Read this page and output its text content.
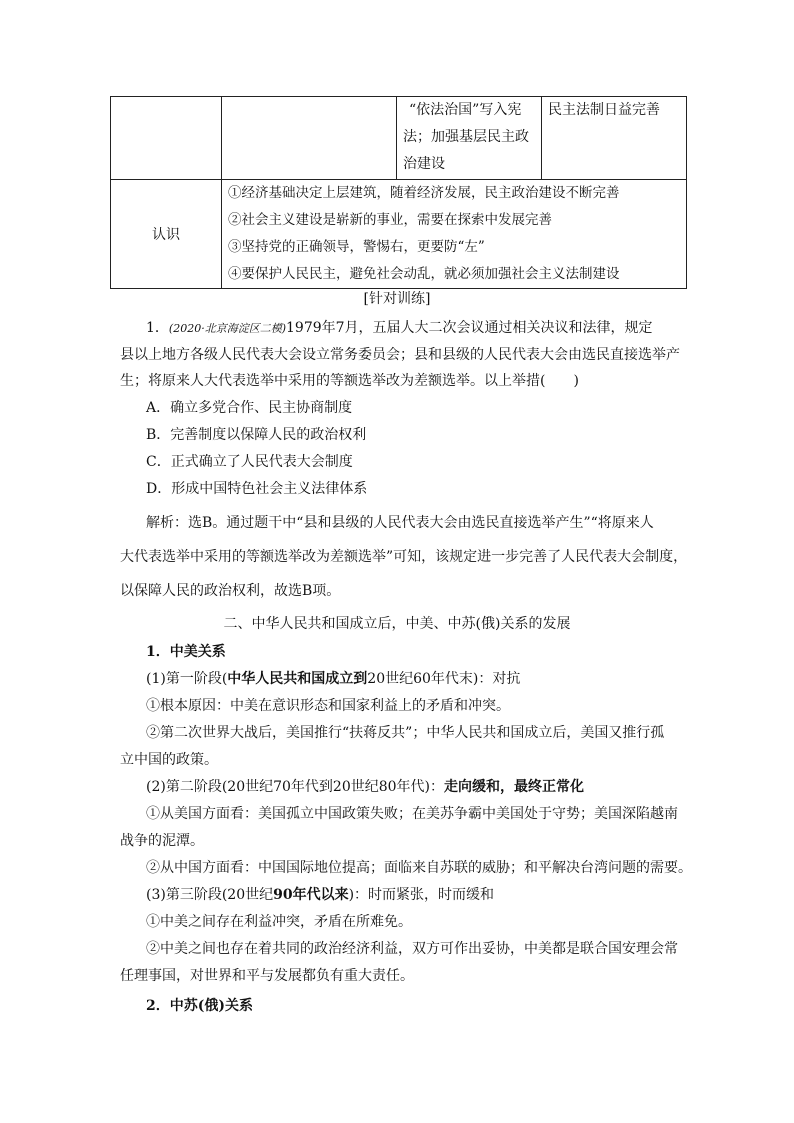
		“依法治国”写入宪
法；加强基层民主政
治建设	民主法制日益完善

认识	①经济基础决定上层建筑，随着经济发展，民主政治建设不断完善
②社会主义建设是崭新的事业，需要在探索中发展完善
③坚持党的正确领导，警惕右，更要防“左”
④要保护人民民主，避免社会动乱，就必须加强社会主义法制建设		
[针对训练]
1．(2020·北京海淀区二模)1979年7月，五届人大二次会议通过相关决议和法律，规定
县以上地方各级人民代表大会设立常务委员会；县和县级的人民代表大会由选民直接选举产
生；将原来人大代表选举中采用的等额选举改为差额选举。以上举措(　　)
A．确立多党合作、民主协商制度
B．完善制度以保障人民的政治权利
C．正式确立了人民代表大会制度
D．形成中国特色社会主义法律体系
解析：选B。通过题干中“县和县级的人民代表大会由选民直接选举产生”“将原来人
大代表选举中采用的等额选举改为差额选举”可知，该规定进一步完善了人民代表大会制度，
以保障人民的政治权利，故选B项。
二、中华人民共和国成立后，中美、中苏(俄)关系的发展
1．中美关系
(1)第一阶段(中华人民共和国成立到20世纪60年代末)：对抗
①根本原因：中美在意识形态和国家利益上的矛盾和冲突。
②第二次世界大战后，美国推行“扶蒋反共”；中华人民共和国成立后，美国又推行孤
立中国的政策。
(2)第二阶段(20世纪70年代到20世纪80年代)：走向缓和，最终正常化
①从美国方面看：美国孤立中国政策失败；在美苏争霸中美国处于守势；美国深陷越南
战争的泥潭。
②从中国方面看：中国国际地位提高；面临来自苏联的威胁；和平解决台湾问题的需要。
(3)第三阶段(20世纪90年代以来)：时而紧张，时而缓和
①中美之间存在利益冲突，矛盾在所难免。
②中美之间也存在着共同的政治经济利益，双方可作出妥协，中美都是联合国安理会常
任理事国，对世界和平与发展都负有重大责任。
2．中苏(俄)关系
